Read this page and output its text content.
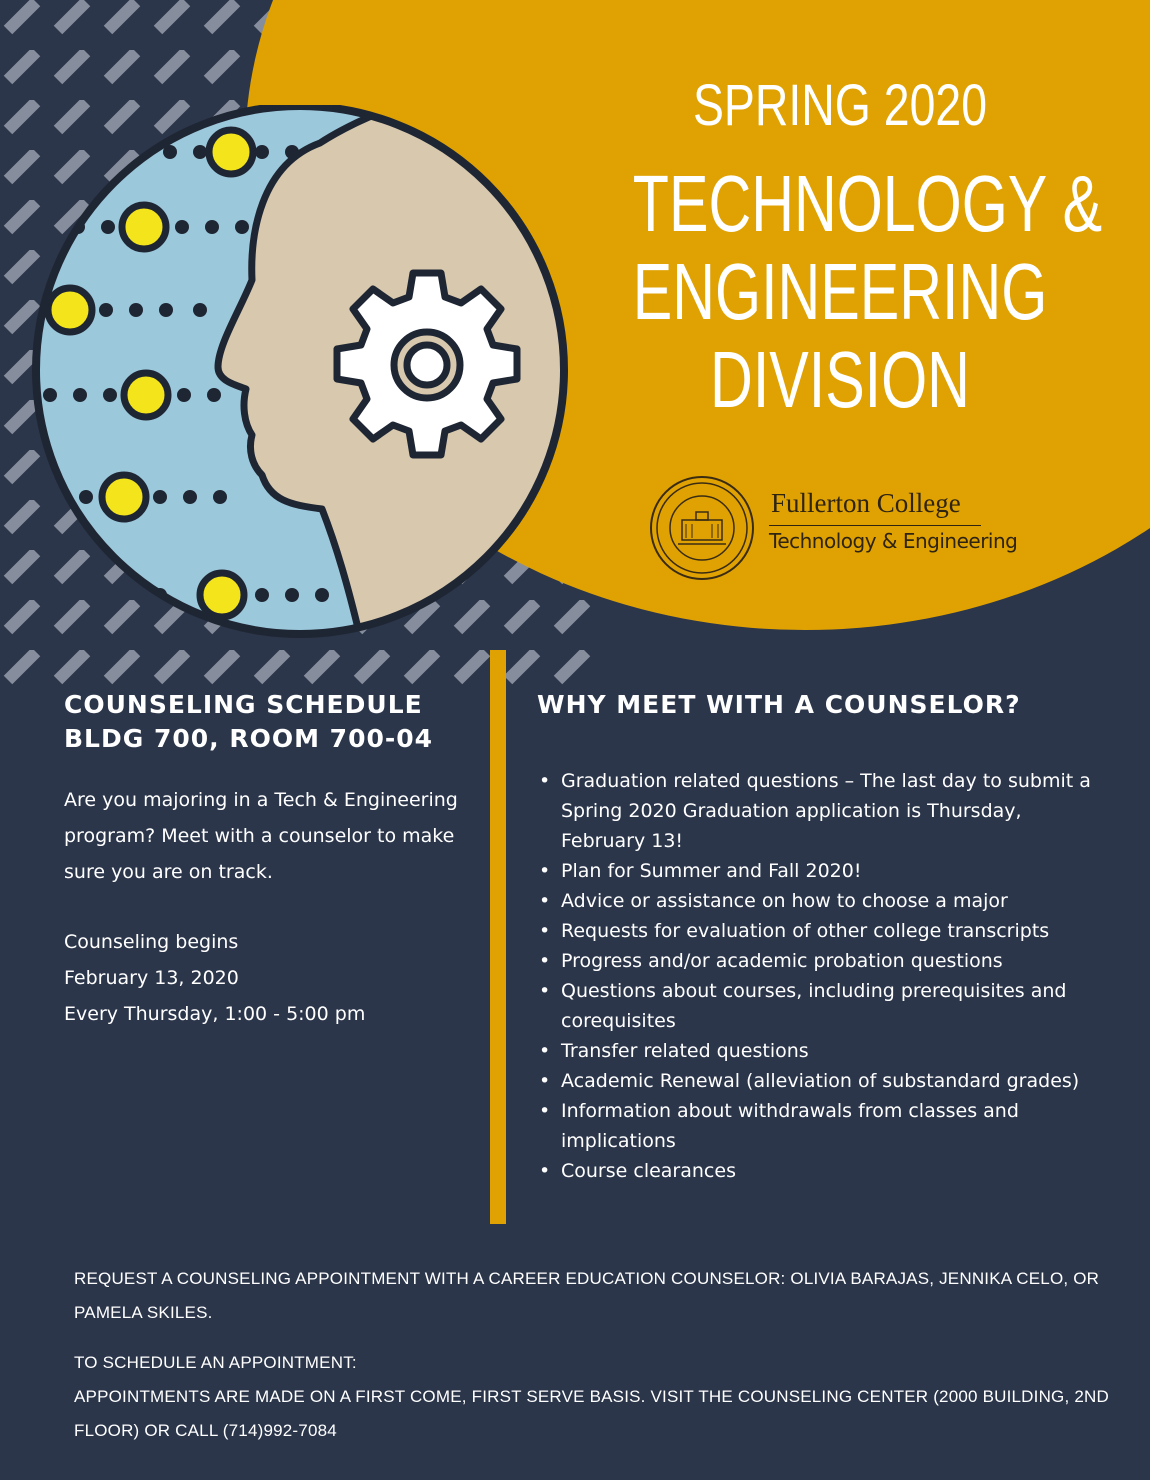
SPRING 2020
TECHNOLOGY &
ENGINEERING
DIVISION
Fullerton College
Technology & Engineering
COUNSELING SCHEDULE
BLDG 700, ROOM 700-04
Are you majoring in a Tech & Engineering program? Meet with a counselor to make sure you are on track.
Counseling begins
February 13, 2020
Every Thursday, 1:00 - 5:00 pm
WHY MEET WITH A COUNSELOR?
• Graduation related questions – The last day to submit a Spring 2020 Graduation application is Thursday, February 13!
• Plan for Summer and Fall 2020!
• Advice or assistance on how to choose a major
• Requests for evaluation of other college transcripts
• Progress and/or academic probation questions
• Questions about courses, including prerequisites and corequisites
• Transfer related questions
• Academic Renewal (alleviation of substandard grades)
• Information about withdrawals from classes and implications
• Course clearances
REQUEST A COUNSELING APPOINTMENT WITH A CAREER EDUCATION COUNSELOR: OLIVIA BARAJAS, JENNIKA CELO, OR PAMELA SKILES.
TO SCHEDULE AN APPOINTMENT:
APPOINTMENTS ARE MADE ON A FIRST COME, FIRST SERVE BASIS. VISIT THE COUNSELING CENTER (2000 BUILDING, 2ND FLOOR) OR CALL (714)992-7084
